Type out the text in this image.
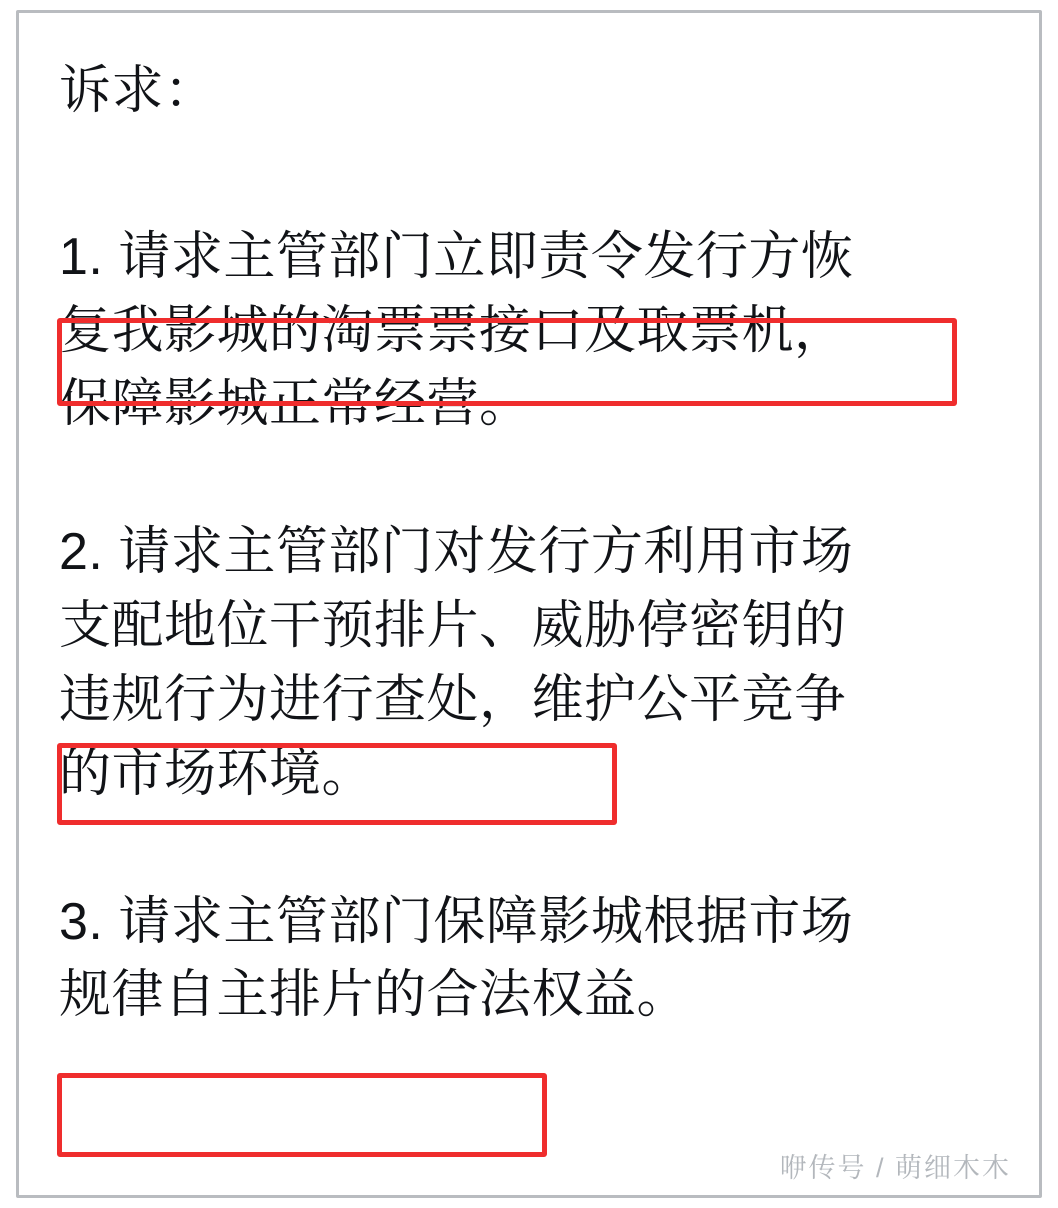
诉求：
1. 请求主管部门立即责令发行方恢
复我影城的淘票票接口及取票机，
保障影城正常经营。
2. 请求主管部门对发行方利用市场
支配地位干预排片、威胁停密钥的
违规行为进行查处，维护公平竞争
的市场环境。
3. 请求主管部门保障影城根据市场
规律自主排片的合法权益。
咿传号 / 萌细木木
